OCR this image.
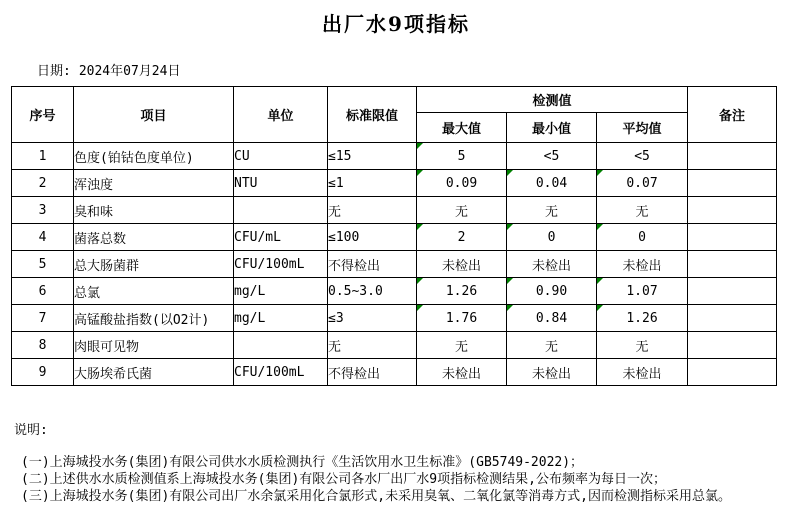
出厂水9项指标
日期: 2024年07月24日
序号	项目	单位	标准限值	检测值			备注
				最大值	最小值	平均值	
1	色度(铂钴色度单位)	CU	≤15	5	<5	<5	
2	浑浊度	NTU	≤1	0.09	0.04	0.07	
3	臭和味		无	无	无	无	
4	菌落总数	CFU/mL	≤100	2	0	0	
5	总大肠菌群	CFU/100mL	不得检出	未检出	未检出	未检出	
6	总氯	mg/L	0.5~3.0	1.26	0.90	1.07	
7	高锰酸盐指数(以O2计)	mg/L	≤3	1.76	0.84	1.26	
8	肉眼可见物		无	无	无	无	
9	大肠埃希氏菌	CFU/100mL	不得检出	未检出	未检出	未检出	
说明:
(一)上海城投水务(集团)有限公司供水水质检测执行《生活饮用水卫生标准》(GB5749-2022)；
(二)上述供水水质检测值系上海城投水务(集团)有限公司各水厂出厂水9项指标检测结果,公布频率为每日一次；
(三)上海城投水务(集团)有限公司出厂水余氯采用化合氯形式,未采用臭氧、二氧化氯等消毒方式,因而检测指标采用总氯。
